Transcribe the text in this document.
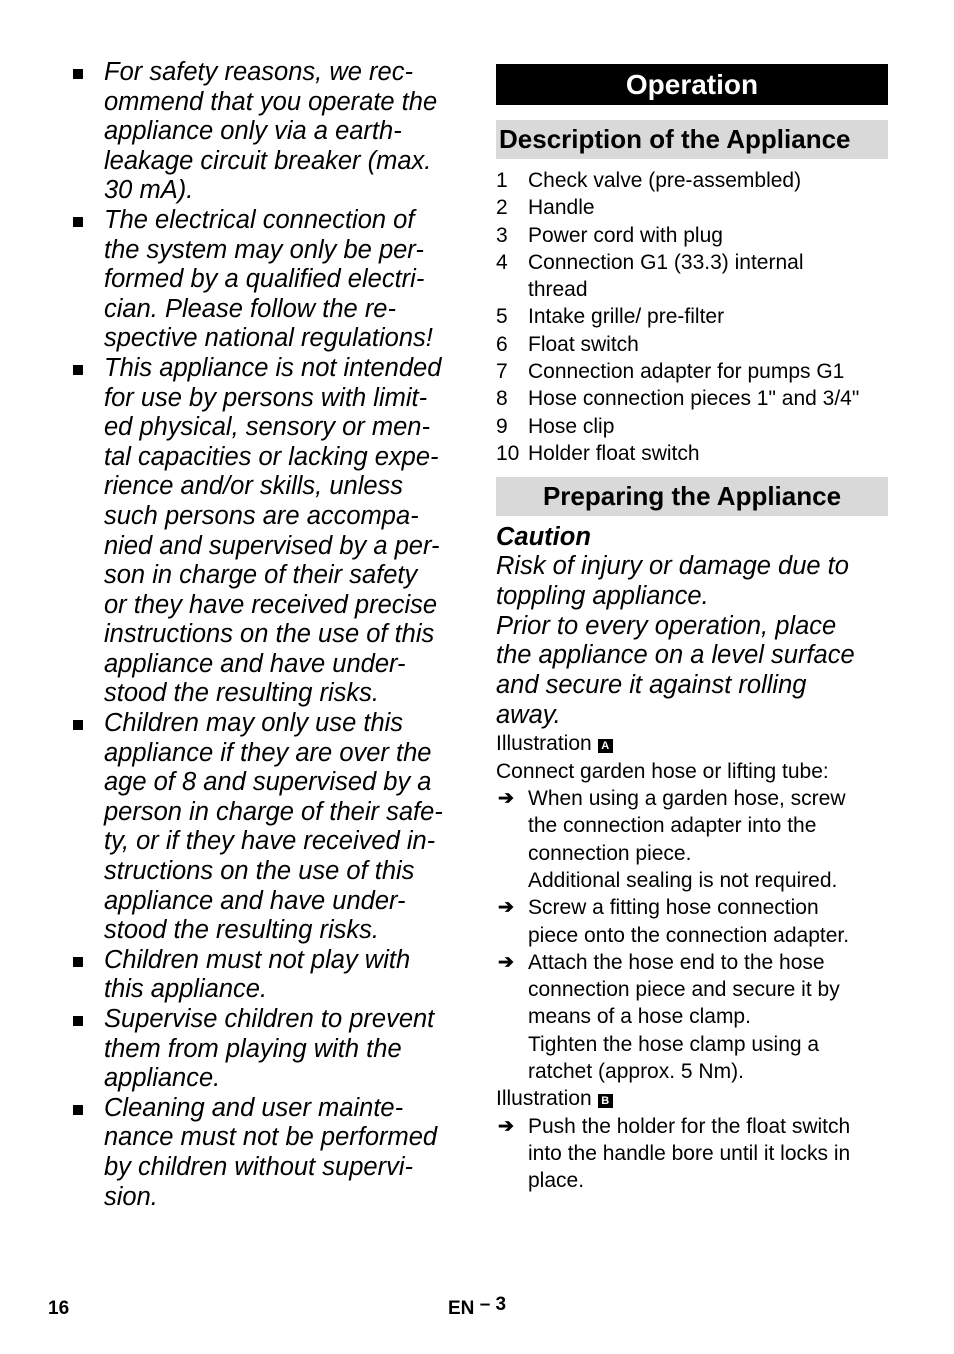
For safety reasons, we rec-
ommend that you operate the
appliance only via a earth-
leakage circuit breaker (max.
30 mA).
The electrical connection of
the system may only be per-
formed by a qualified electri-
cian. Please follow the re-
spective national regulations!
This appliance is not intended
for use by persons with limit-
ed physical, sensory or men-
tal capacities or lacking expe-
rience and/or skills, unless
such persons are accompa-
nied and supervised by a per-
son in charge of their safety
or they have received precise
instructions on the use of this
appliance and have under-
stood the resulting risks.
Children may only use this
appliance if they are over the
age of 8 and supervised by a
person in charge of their safe-
ty, or if they have received in-
structions on the use of this
appliance and have under-
stood the resulting risks.
Children must not play with
this appliance.
Supervise children to prevent
them from playing with the
appliance.
Cleaning and user mainte-
nance must not be performed
by children without supervi-
sion.
Operation
Description of the Appliance
1 Check valve (pre-assembled)
2 Handle
3 Power cord with plug
4 Connection G1 (33.3) internal
thread
5 Intake grille/ pre-filter
6 Float switch
7 Connection adapter for pumps G1
8 Hose connection pieces 1" and 3/4"
9 Hose clip
10 Holder float switch
Preparing the Appliance
Caution
Risk of injury or damage due to
toppling appliance.
Prior to every operation, place
the appliance on a level surface
and secure it against rolling
away.
Illustration A
Connect garden hose or lifting tube:
➔ When using a garden hose, screw
the connection adapter into the
connection piece.
Additional sealing is not required.
➔ Screw a fitting hose connection
piece onto the connection adapter.
➔ Attach the hose end to the hose
connection piece and secure it by
means of a hose clamp.
Tighten the hose clamp using a
ratchet (approx. 5 Nm).
Illustration B
➔ Push the holder for the float switch
into the handle bore until it locks in
place.
16	EN – 3
